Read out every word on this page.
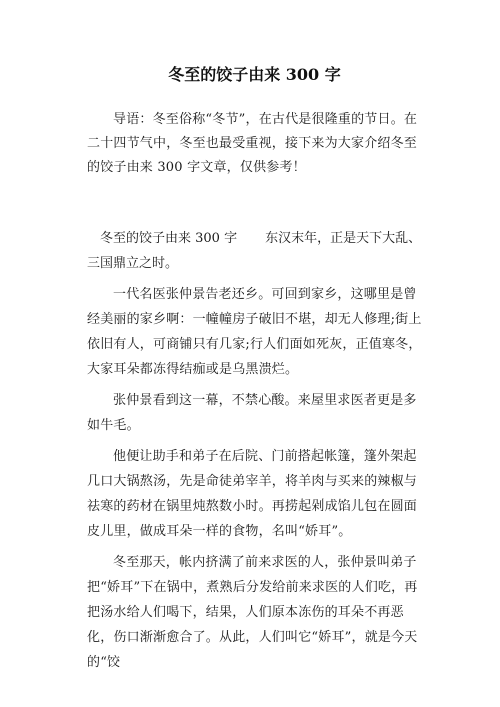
冬至的饺子由来 300 字

导语：冬至俗称“冬节”，在古代是很隆重的节日。在二十四节气中，冬至也最受重视，接下来为大家介绍冬至的饺子由来 300 字文章，仅供参考！

冬至的饺子由来 300 字 东汉末年，正是天下大乱、三国鼎立之时。

一代名医张仲景告老还乡。可回到家乡，这哪里是曾经美丽的家乡啊：一幢幢房子破旧不堪，却无人修理;街上依旧有人，可商铺只有几家;行人们面如死灰，正值寒冬，大家耳朵都冻得结痂或是乌黑溃烂。

张仲景看到这一幕，不禁心酸。来屋里求医者更是多如牛毛。

他便让助手和弟子在后院、门前搭起帐篷，篷外架起几口大锅熬汤，先是命徒弟宰羊，将羊肉与买来的辣椒与祛寒的药材在锅里炖熬数小时。再捞起剁成馅儿包在圆面皮儿里，做成耳朵一样的食物，名叫“娇耳”。

冬至那天，帐内挤满了前来求医的人，张仲景叫弟子把“娇耳”下在锅中，煮熟后分发给前来求医的人们吃，再把汤水给人们喝下，结果，人们原本冻伤的耳朵不再恶化，伤口渐渐愈合了。从此，人们叫它“娇耳”，就是今天的“饺
